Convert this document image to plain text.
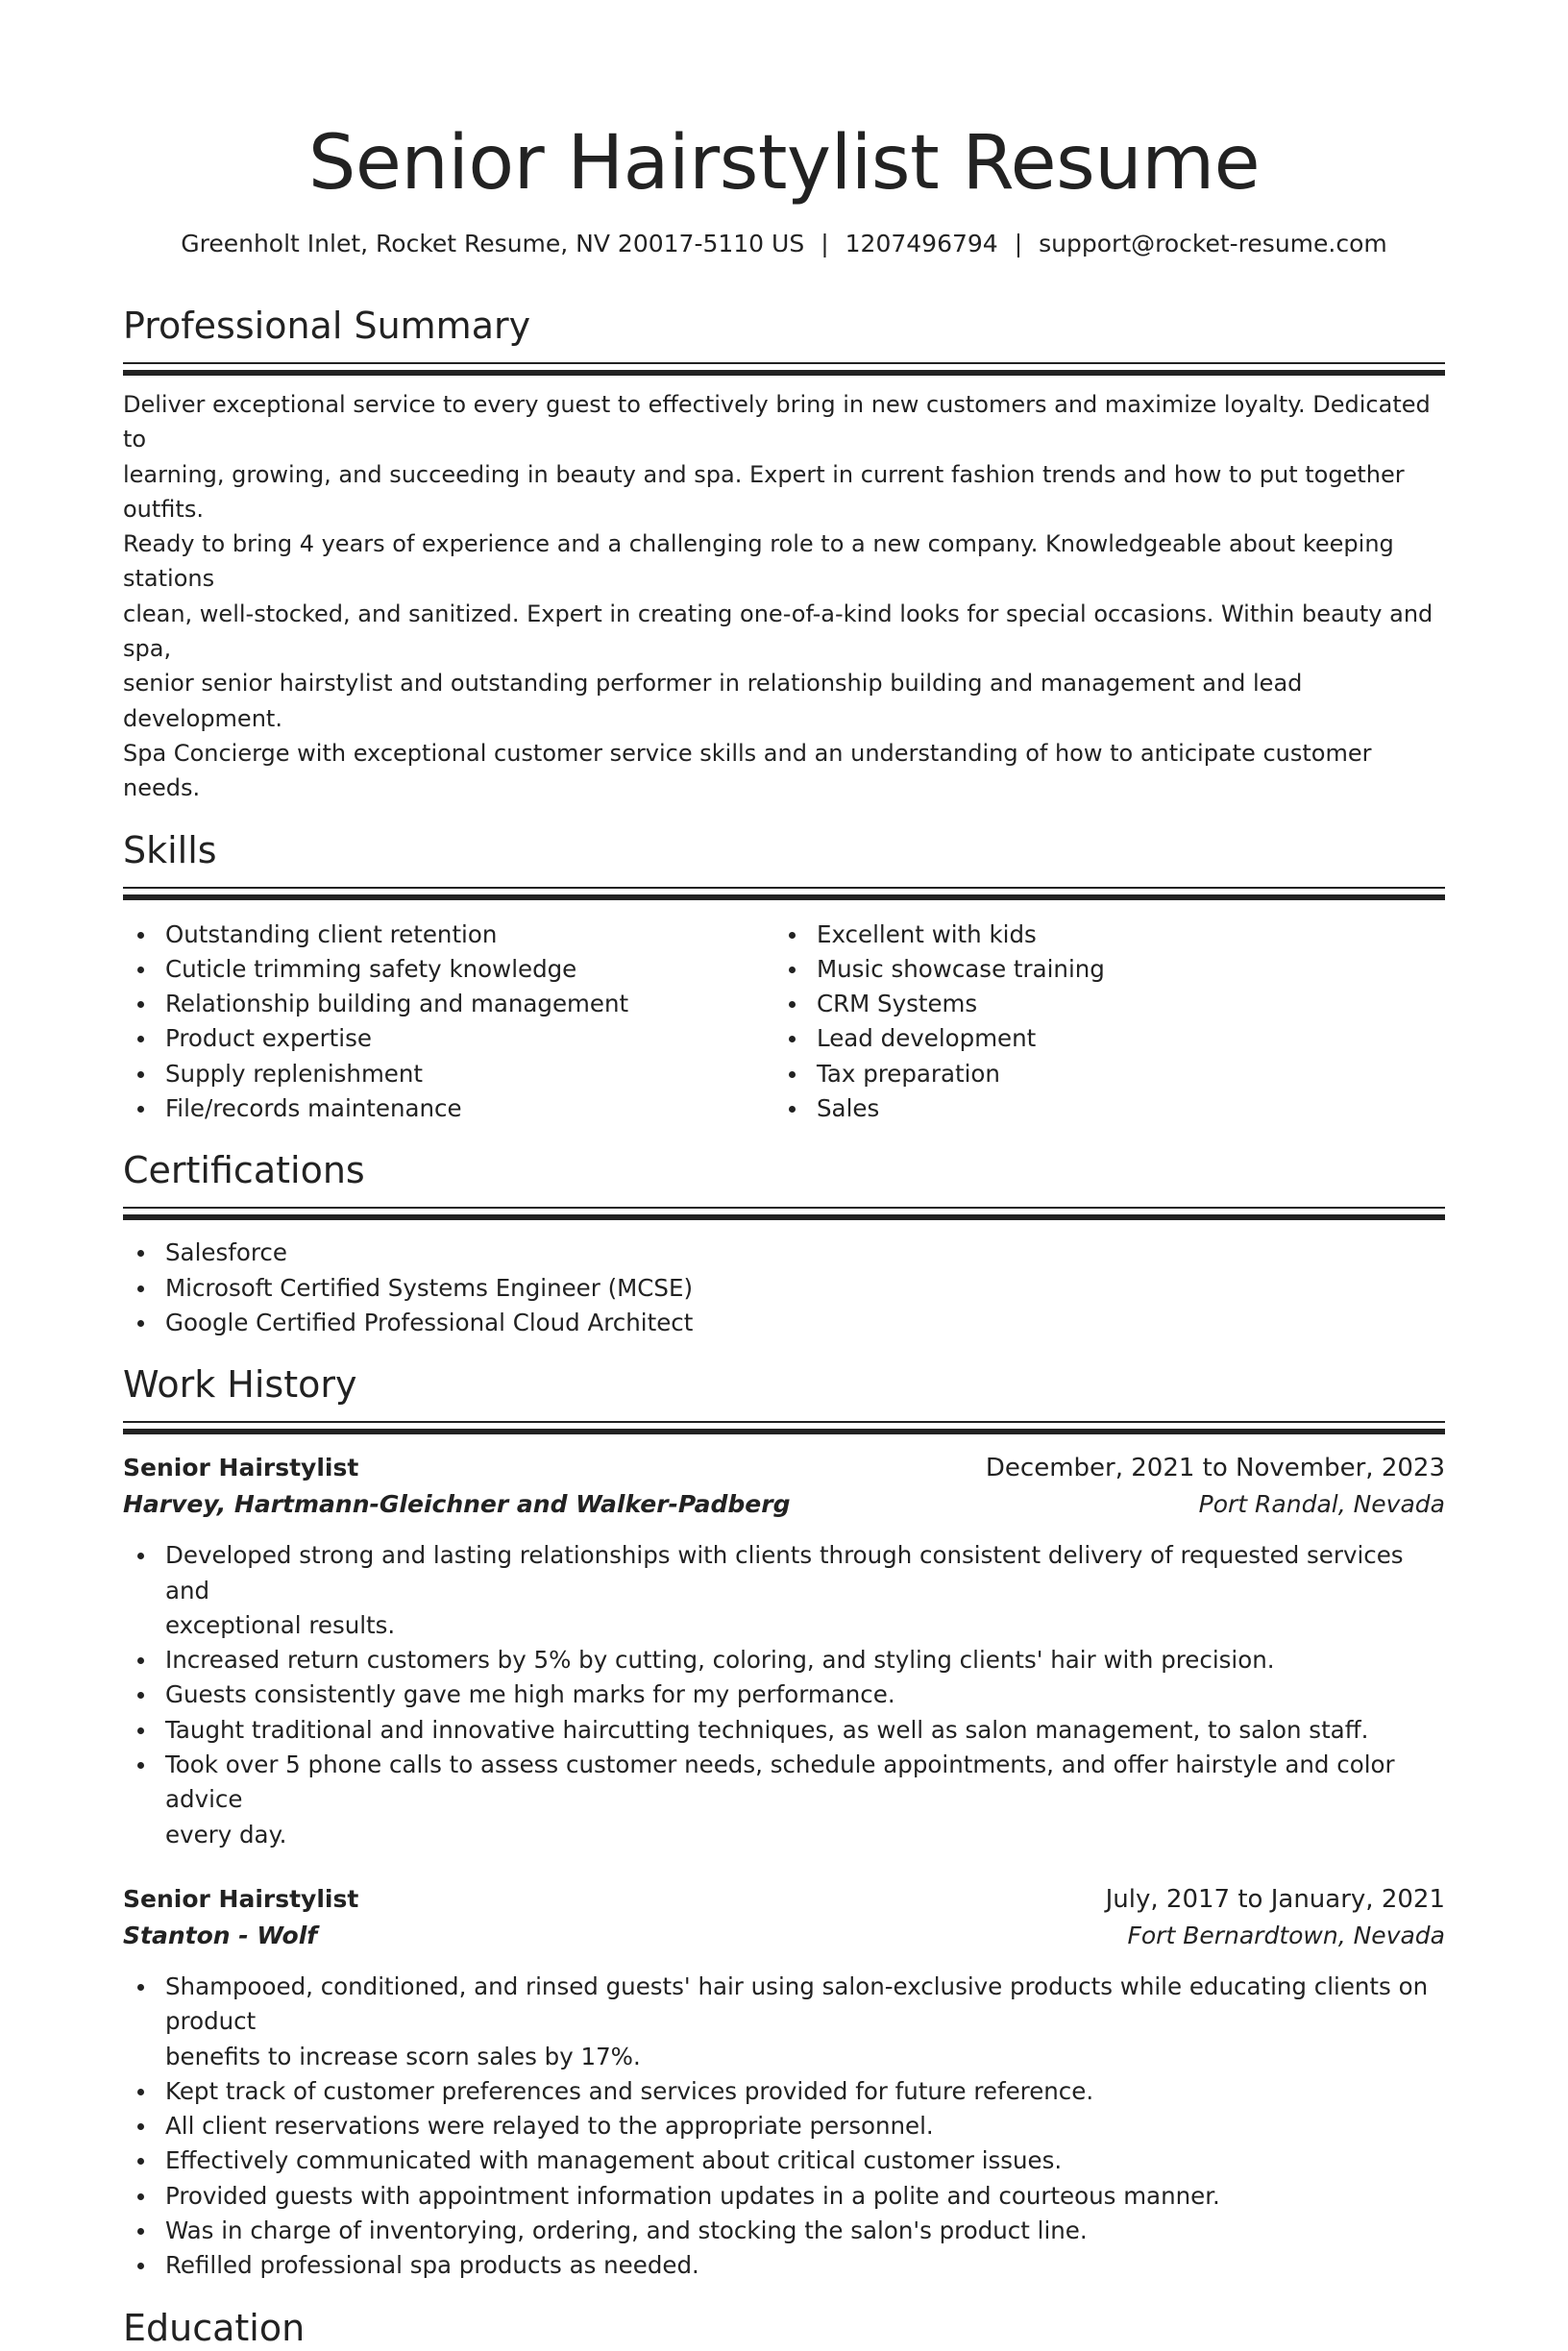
Senior Hairstylist Resume
Greenholt Inlet, Rocket Resume, NV 20017-5110 US | 1207496794 | support@rocket-resume.com
Professional Summary
Deliver exceptional service to every guest to effectively bring in new customers and maximize loyalty. Dedicated to
learning, growing, and succeeding in beauty and spa. Expert in current fashion trends and how to put together outfits.
Ready to bring 4 years of experience and a challenging role to a new company. Knowledgeable about keeping stations
clean, well-stocked, and sanitized. Expert in creating one-of-a-kind looks for special occasions. Within beauty and spa,
senior senior hairstylist and outstanding performer in relationship building and management and lead development.
Spa Concierge with exceptional customer service skills and an understanding of how to anticipate customer needs.
Skills
Outstanding client retention
Cuticle trimming safety knowledge
Relationship building and management
Product expertise
Supply replenishment
File/records maintenance
Excellent with kids
Music showcase training
CRM Systems
Lead development
Tax preparation
Sales
Certifications
Salesforce
Microsoft Certified Systems Engineer (MCSE)
Google Certified Professional Cloud Architect
Work History
Senior Hairstylist	December, 2021 to November, 2023
Harvey, Hartmann-Gleichner and Walker-Padberg	Port Randal, Nevada
Developed strong and lasting relationships with clients through consistent delivery of requested services and
exceptional results.
Increased return customers by 5% by cutting, coloring, and styling clients' hair with precision.
Guests consistently gave me high marks for my performance.
Taught traditional and innovative haircutting techniques, as well as salon management, to salon staff.
Took over 5 phone calls to assess customer needs, schedule appointments, and offer hairstyle and color advice
every day.
Senior Hairstylist	July, 2017 to January, 2021
Stanton - Wolf	Fort Bernardtown, Nevada
Shampooed, conditioned, and rinsed guests' hair using salon-exclusive products while educating clients on product
benefits to increase scorn sales by 17%.
Kept track of customer preferences and services provided for future reference.
All client reservations were relayed to the appropriate personnel.
Effectively communicated with management about critical customer issues.
Provided guests with appointment information updates in a polite and courteous manner.
Was in charge of inventorying, ordering, and stocking the salon's product line.
Refilled professional spa products as needed.
Education
